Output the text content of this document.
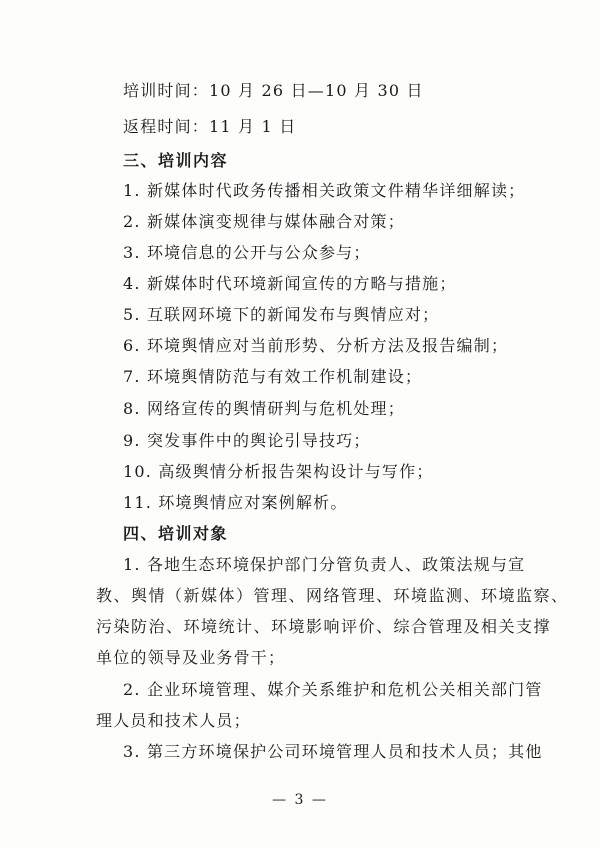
培训时间：10 月 26 日—10 月 30 日
返程时间：11 月 1 日
三、培训内容
1. 新媒体时代政务传播相关政策文件精华详细解读；
2. 新媒体演变规律与媒体融合对策；
3. 环境信息的公开与公众参与；
4. 新媒体时代环境新闻宣传的方略与措施；
5. 互联网环境下的新闻发布与舆情应对；
6. 环境舆情应对当前形势、分析方法及报告编制；
7. 环境舆情防范与有效工作机制建设；
8. 网络宣传的舆情研判与危机处理；
9. 突发事件中的舆论引导技巧；
10. 高级舆情分析报告架构设计与写作；
11. 环境舆情应对案例解析。
四、培训对象
1. 各地生态环境保护部门分管负责人、政策法规与宣
教、舆情（新媒体）管理、网络管理、环境监测、环境监察、
污染防治、环境统计、环境影响评价、综合管理及相关支撑
单位的领导及业务骨干；
2. 企业环境管理、媒介关系维护和危机公关相关部门管
理人员和技术人员；
3. 第三方环境保护公司环境管理人员和技术人员；其他
— 3 —
